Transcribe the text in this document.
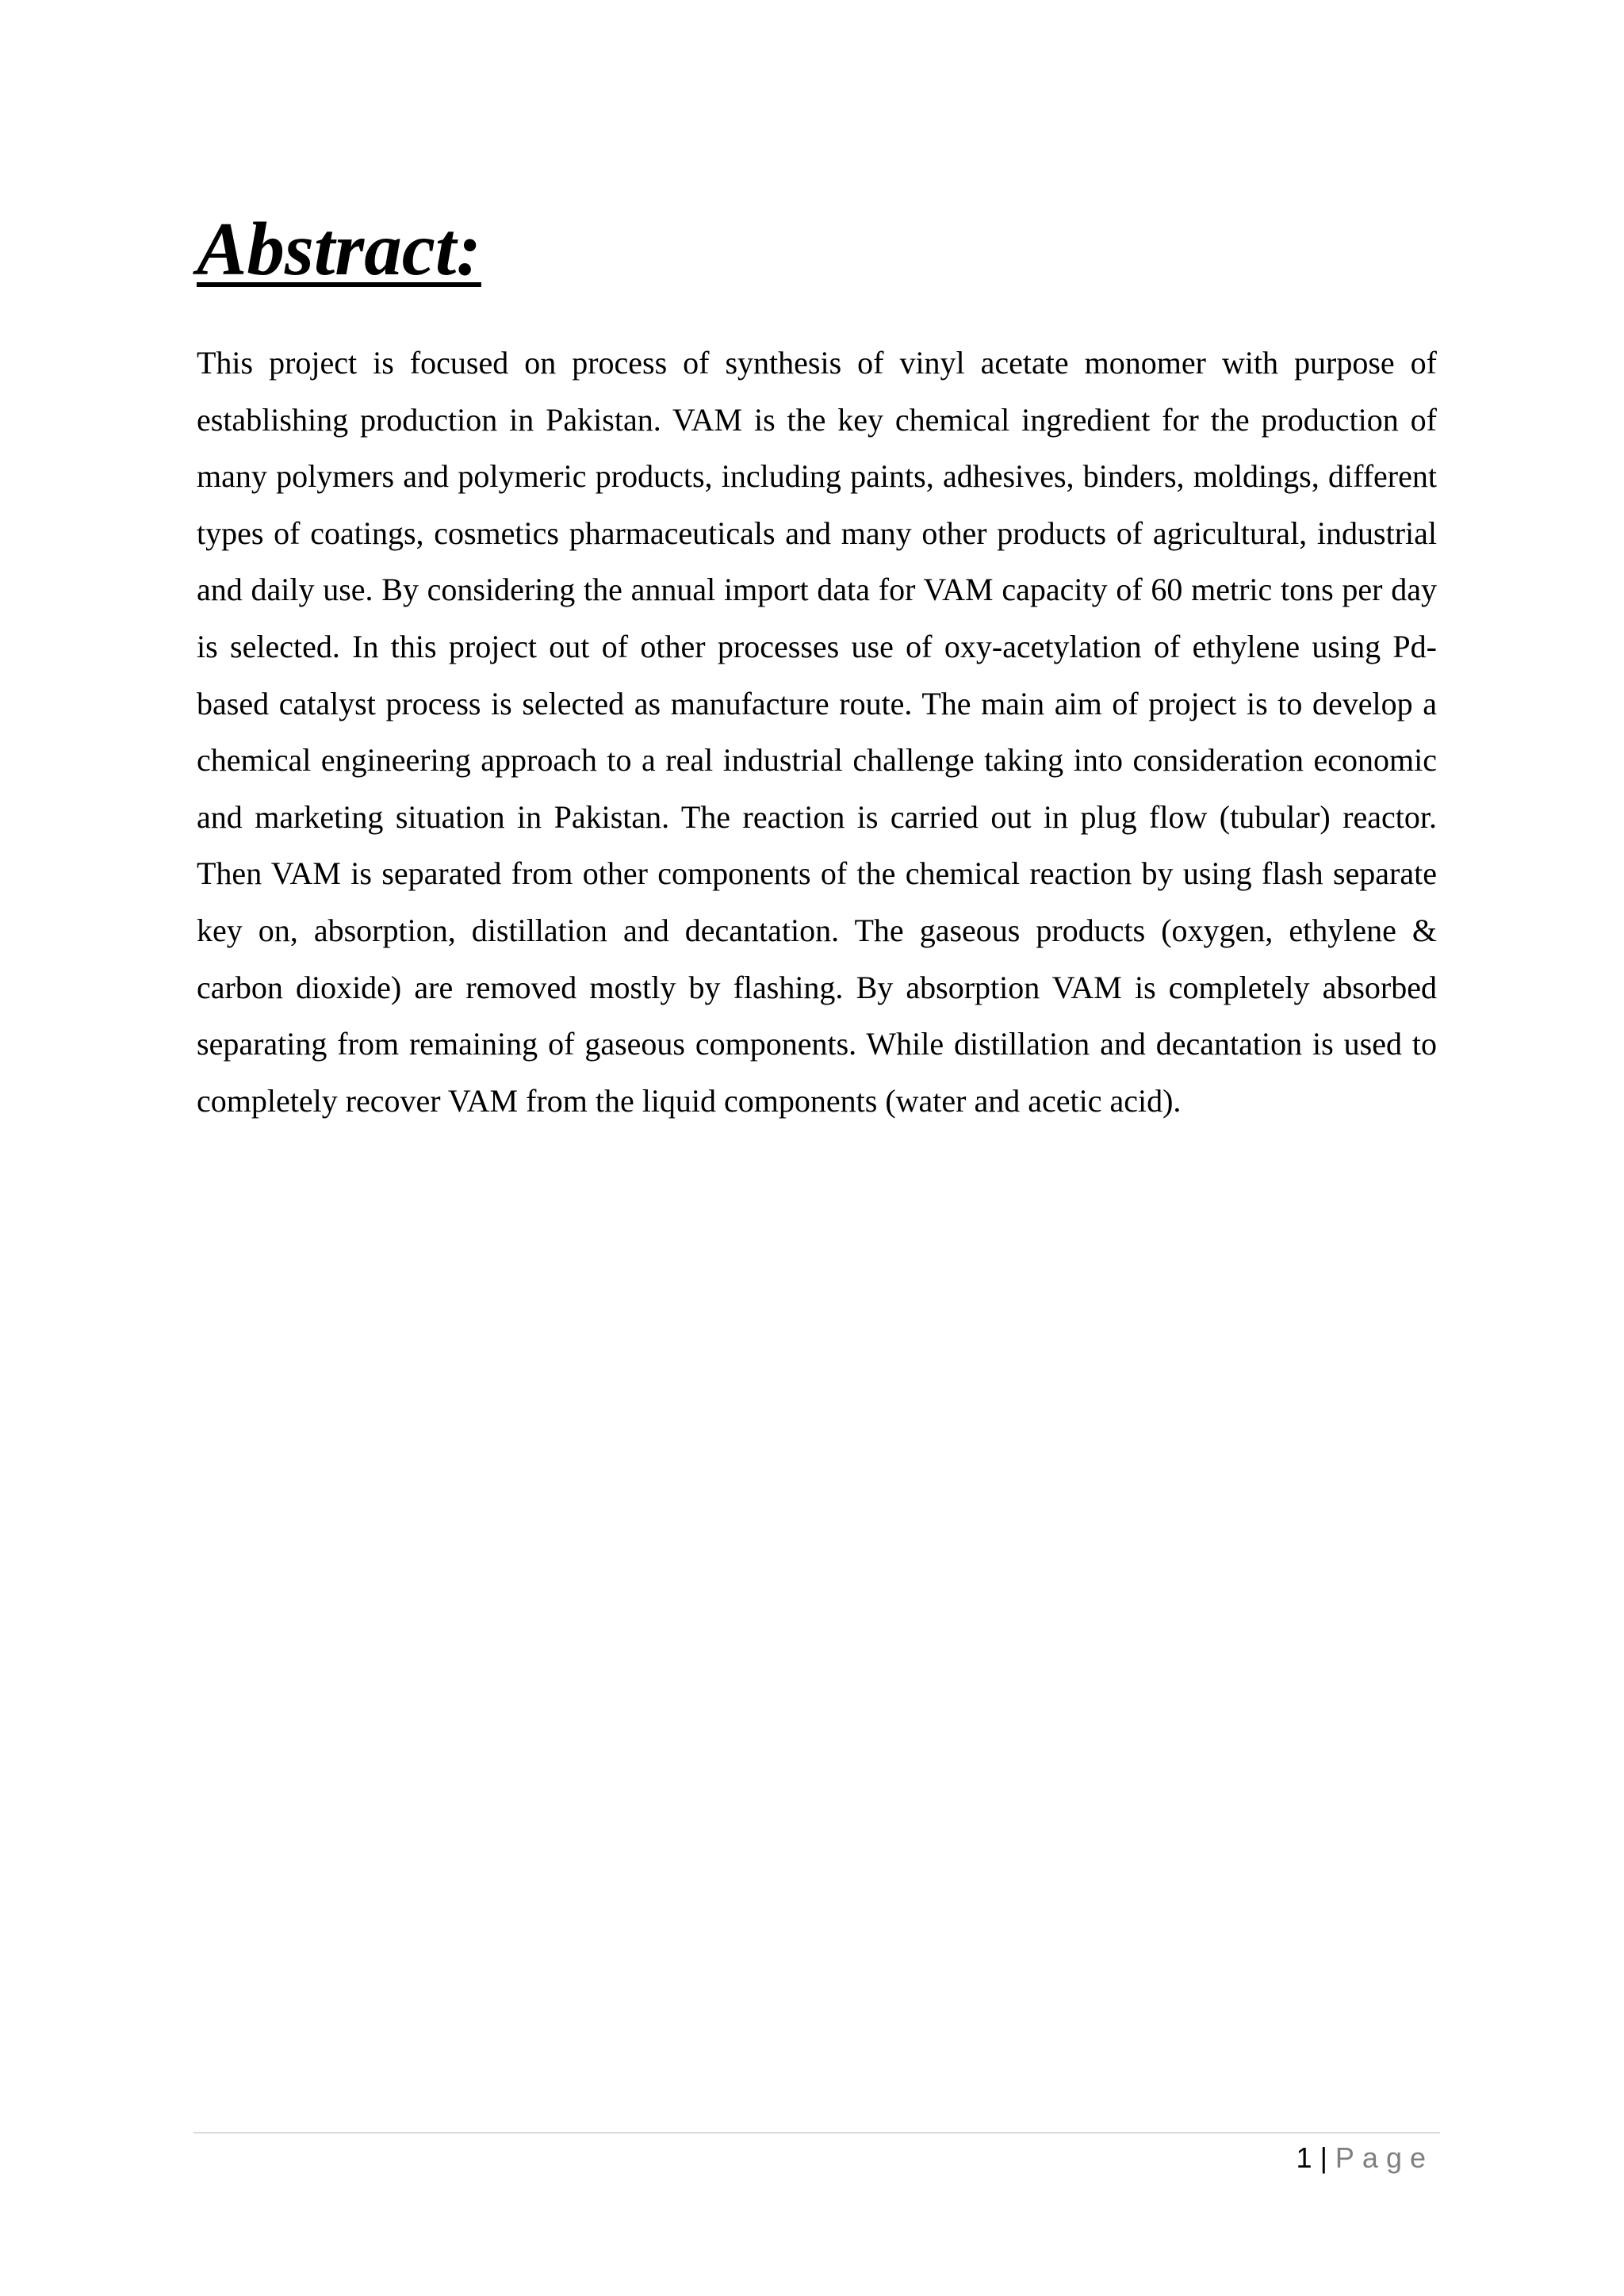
Abstract:

This project is focused on process of synthesis of vinyl acetate monomer with purpose of establishing production in Pakistan. VAM is the key chemical ingredient for the production of many polymers and polymeric products, including paints, adhesives, binders, moldings, different types of coatings, cosmetics pharmaceuticals and many other products of agricultural, industrial and daily use. By considering the annual import data for VAM capacity of 60 metric tons per day is selected. In this project out of other processes use of oxy-acetylation of ethylene using Pd-based catalyst process is selected as manufacture route. The main aim of project is to develop a chemical engineering approach to a real industrial challenge taking into consideration economic and marketing situation in Pakistan. The reaction is carried out in plug flow (tubular) reactor. Then VAM is separated from other components of the chemical reaction by using flash separate key on, absorption, distillation and decantation. The gaseous products (oxygen, ethylene & carbon dioxide) are removed mostly by flashing. By absorption VAM is completely absorbed separating from remaining of gaseous components. While distillation and decantation is used to completely recover VAM from the liquid components (water and acetic acid).

1 | Page
